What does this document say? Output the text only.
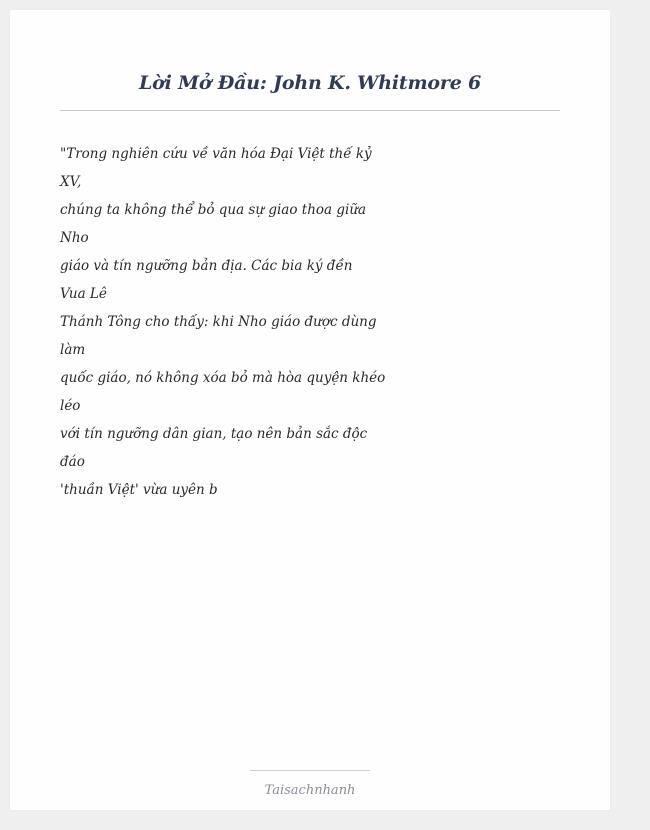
Lời Mở Đầu: John K. Whitmore 6
"Trong nghiên cứu về văn hóa Đại Việt thế kỷ
XV,
chúng ta không thể bỏ qua sự giao thoa giữa
Nho
giáo và tín ngưỡng bản địa. Các bia ký đền
Vua Lê
Thánh Tông cho thấy: khi Nho giáo được dùng
làm
quốc giáo, nó không xóa bỏ mà hòa quyện khéo
léo
với tín ngưỡng dân gian, tạo nên bản sắc độc
đáo
'thuần Việt' vừa uyên b
Taisachnhanh
